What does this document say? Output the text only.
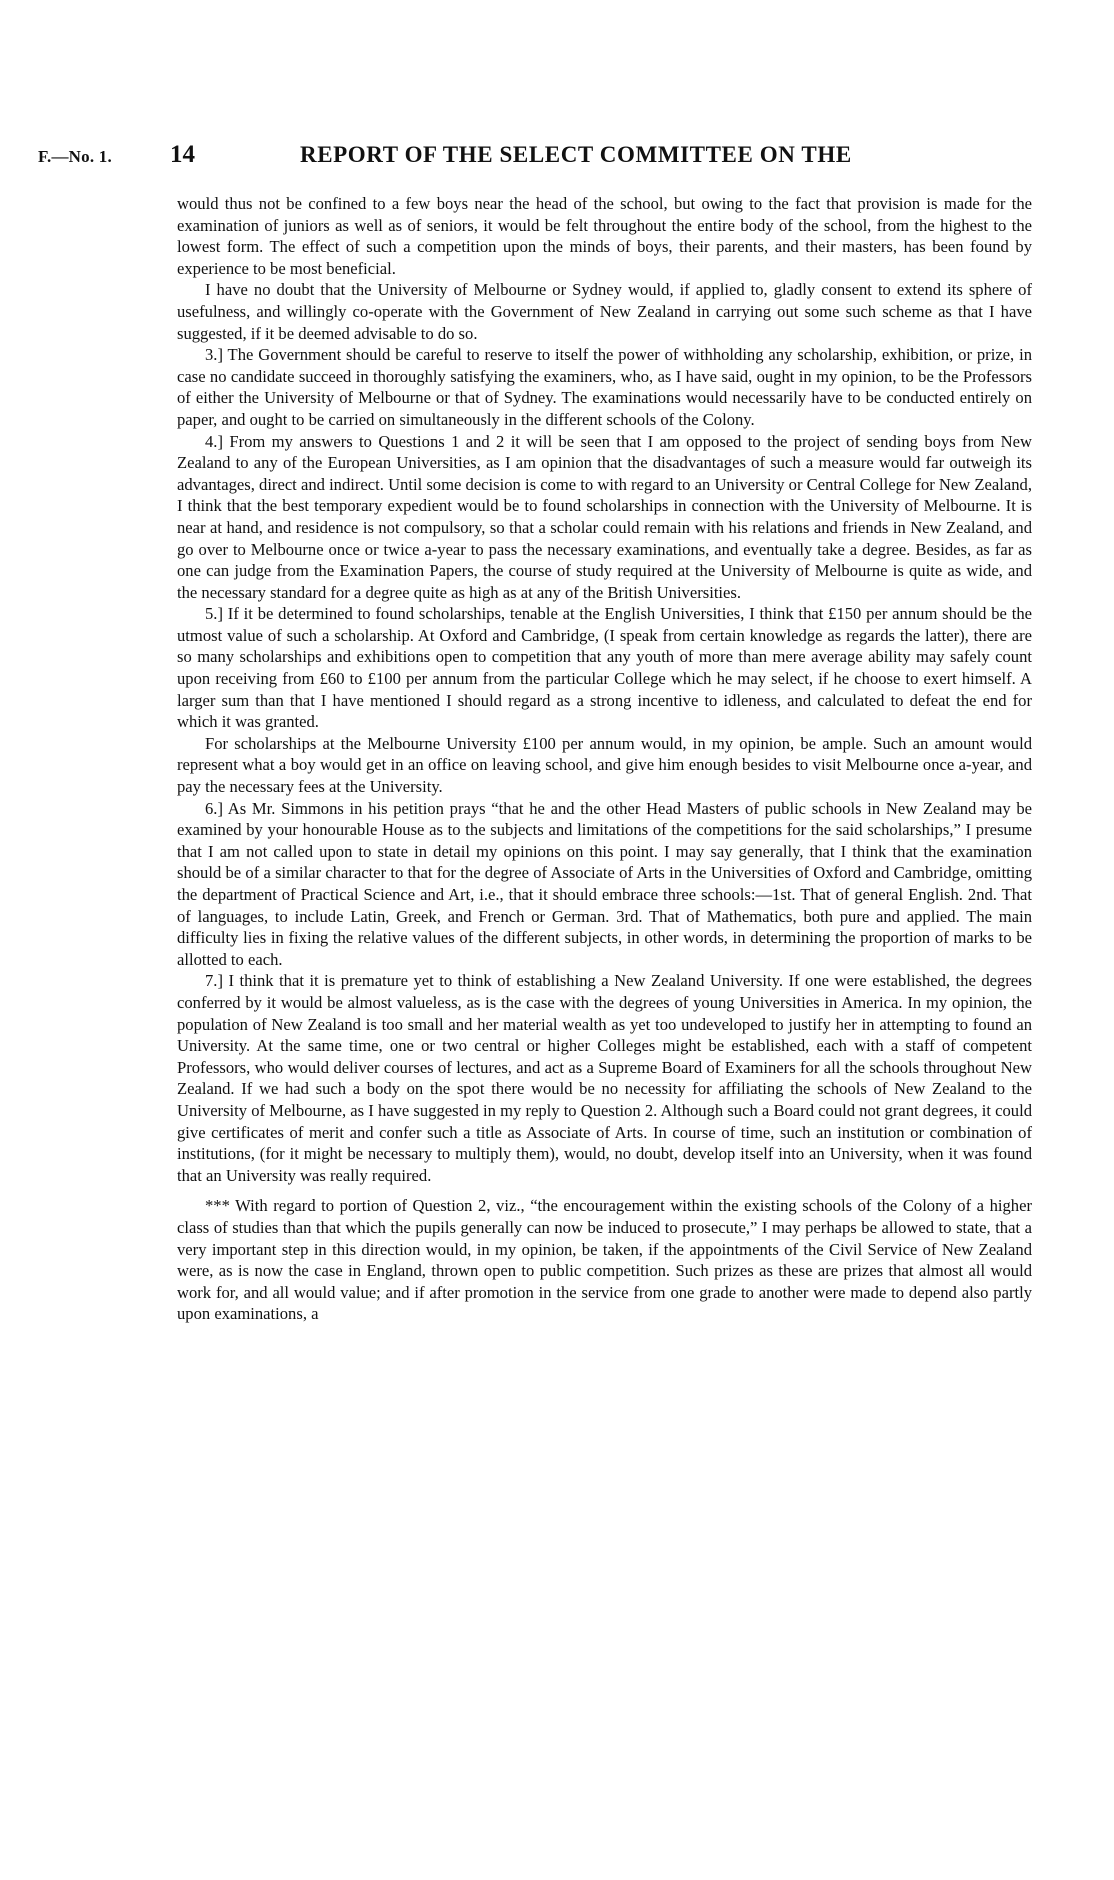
F.—No. 1. 14	REPORT OF THE SELECT COMMITTEE ON THE

would thus not be confined to a few boys near the head of the school, but owing to the fact that provision is made for the examination of juniors as well as of seniors, it would be felt throughout the entire body of the school, from the highest to the lowest form. The effect of such a competition upon the minds of boys, their parents, and their masters, has been found by experience to be most beneficial.

I have no doubt that the University of Melbourne or Sydney would, if applied to, gladly consent to extend its sphere of usefulness, and willingly co-operate with the Government of New Zealand in carrying out some such scheme as that I have suggested, if it be deemed advisable to do so.

3.] The Government should be careful to reserve to itself the power of withholding any scholarship, exhibition, or prize, in case no candidate succeed in thoroughly satisfying the examiners, who, as I have said, ought in my opinion, to be the Professors of either the University of Melbourne or that of Sydney. The examinations would necessarily have to be conducted entirely on paper, and ought to be carried on simultaneously in the different schools of the Colony.

4.] From my answers to Questions 1 and 2 it will be seen that I am opposed to the project of sending boys from New Zealand to any of the European Universities, as I am opinion that the disadvantages of such a measure would far outweigh its advantages, direct and indirect. Until some decision is come to with regard to an University or Central College for New Zealand, I think that the best temporary expedient would be to found scholarships in connection with the University of Melbourne. It is near at hand, and residence is not compulsory, so that a scholar could remain with his relations and friends in New Zealand, and go over to Melbourne once or twice a-year to pass the necessary examinations, and eventually take a degree. Besides, as far as one can judge from the Examination Papers, the course of study required at the University of Melbourne is quite as wide, and the necessary standard for a degree quite as high as at any of the British Universities.

5.] If it be determined to found scholarships, tenable at the English Universities, I think that £150 per annum should be the utmost value of such a scholarship. At Oxford and Cambridge, (I speak from certain knowledge as regards the latter), there are so many scholarships and exhibitions open to competition that any youth of more than mere average ability may safely count upon receiving from £60 to £100 per annum from the particular College which he may select, if he choose to exert himself. A larger sum than that I have mentioned I should regard as a strong incentive to idleness, and calculated to defeat the end for which it was granted.

For scholarships at the Melbourne University £100 per annum would, in my opinion, be ample. Such an amount would represent what a boy would get in an office on leaving school, and give him enough besides to visit Melbourne once a-year, and pay the necessary fees at the University.

6.] As Mr. Simmons in his petition prays “that he and the other Head Masters of public schools in New Zealand may be examined by your honourable House as to the subjects and limitations of the competitions for the said scholarships,” I presume that I am not called upon to state in detail my opinions on this point. I may say generally, that I think that the examination should be of a similar character to that for the degree of Associate of Arts in the Universities of Oxford and Cambridge, omitting the department of Practical Science and Art, i.e., that it should embrace three schools:—1st. That of general English. 2nd. That of languages, to include Latin, Greek, and French or German. 3rd. That of Mathematics, both pure and applied. The main difficulty lies in fixing the relative values of the different subjects, in other words, in determining the proportion of marks to be allotted to each.

7.] I think that it is premature yet to think of establishing a New Zealand University. If one were established, the degrees conferred by it would be almost valueless, as is the case with the degrees of young Universities in America. In my opinion, the population of New Zealand is too small and her material wealth as yet too undeveloped to justify her in attempting to found an University. At the same time, one or two central or higher Colleges might be established, each with a staff of competent Professors, who would deliver courses of lectures, and act as a Supreme Board of Examiners for all the schools throughout New Zealand. If we had such a body on the spot there would be no necessity for affiliating the schools of New Zealand to the University of Melbourne, as I have suggested in my reply to Question 2. Although such a Board could not grant degrees, it could give certificates of merit and confer such a title as Associate of Arts. In course of time, such an institution or combination of institutions, (for it might be necessary to multiply them), would, no doubt, develop itself into an University, when it was found that an University was really required.

*** With regard to portion of Question 2, viz., “the encouragement within the existing schools of the Colony of a higher class of studies than that which the pupils generally can now be induced to prosecute,” I may perhaps be allowed to state, that a very important step in this direction would, in my opinion, be taken, if the appointments of the Civil Service of New Zealand were, as is now the case in England, thrown open to public competition. Such prizes as these are prizes that almost all would work for, and all would value; and if after promotion in the service from one grade to another were made to depend also partly upon examinations, a
